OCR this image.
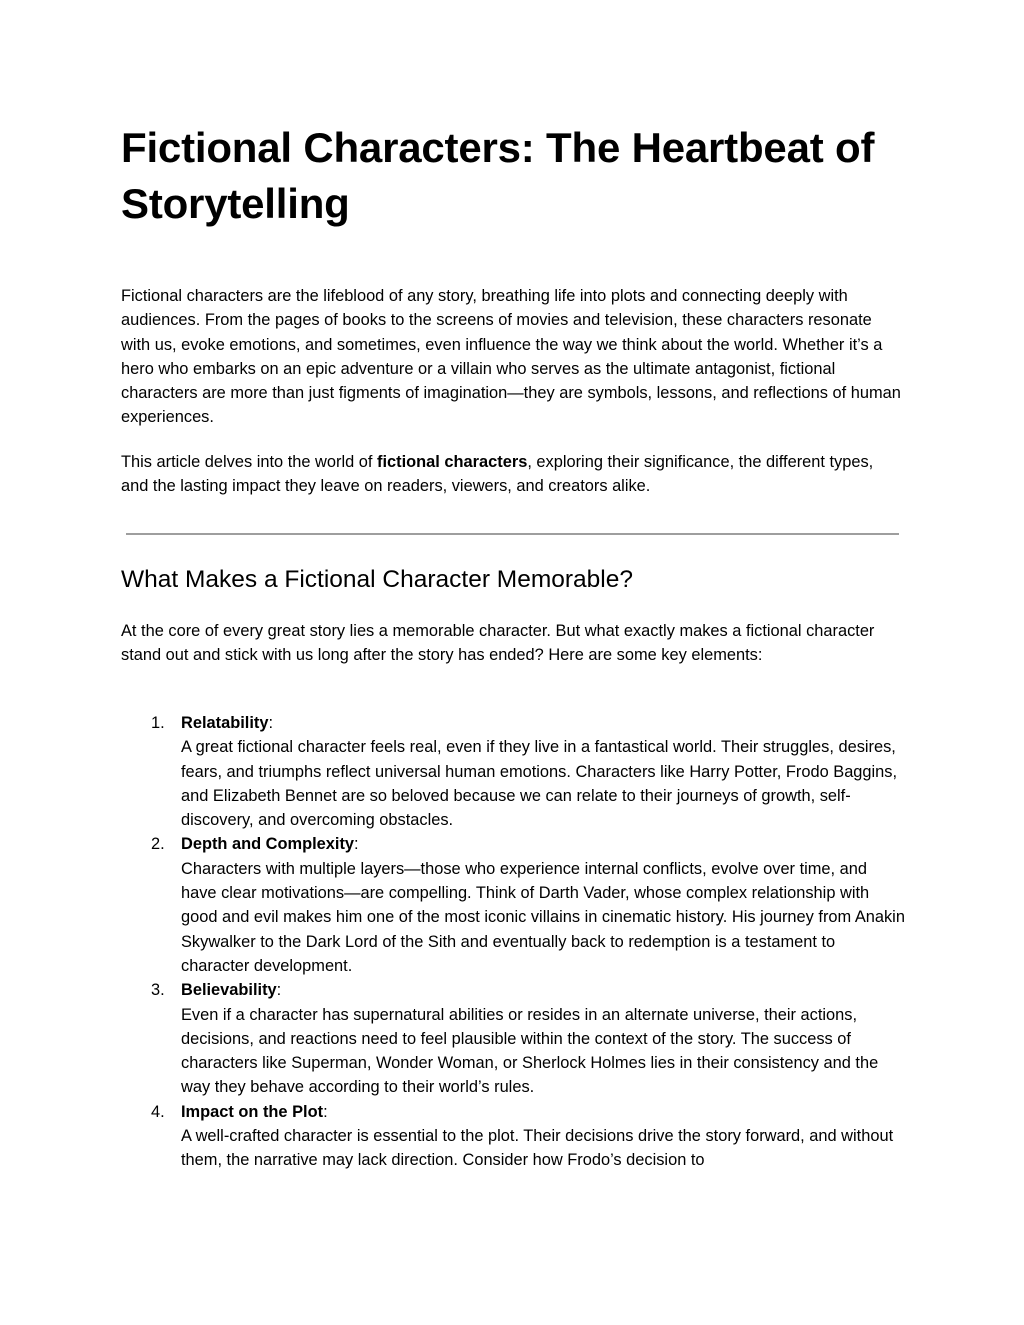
Fictional Characters: The Heartbeat of Storytelling

Fictional characters are the lifeblood of any story, breathing life into plots and connecting deeply with audiences. From the pages of books to the screens of movies and television, these characters resonate with us, evoke emotions, and sometimes, even influence the way we think about the world. Whether it’s a hero who embarks on an epic adventure or a villain who serves as the ultimate antagonist, fictional characters are more than just figments of imagination—they are symbols, lessons, and reflections of human experiences.

This article delves into the world of fictional characters, exploring their significance, the different types, and the lasting impact they leave on readers, viewers, and creators alike.

What Makes a Fictional Character Memorable?

At the core of every great story lies a memorable character. But what exactly makes a fictional character stand out and stick with us long after the story has ended? Here are some key elements:

1. Relatability:
A great fictional character feels real, even if they live in a fantastical world. Their struggles, desires, fears, and triumphs reflect universal human emotions. Characters like Harry Potter, Frodo Baggins, and Elizabeth Bennet are so beloved because we can relate to their journeys of growth, self-discovery, and overcoming obstacles.
2. Depth and Complexity:
Characters with multiple layers—those who experience internal conflicts, evolve over time, and have clear motivations—are compelling. Think of Darth Vader, whose complex relationship with good and evil makes him one of the most iconic villains in cinematic history. His journey from Anakin Skywalker to the Dark Lord of the Sith and eventually back to redemption is a testament to character development.
3. Believability:
Even if a character has supernatural abilities or resides in an alternate universe, their actions, decisions, and reactions need to feel plausible within the context of the story. The success of characters like Superman, Wonder Woman, or Sherlock Holmes lies in their consistency and the way they behave according to their world’s rules.
4. Impact on the Plot:
A well-crafted character is essential to the plot. Their decisions drive the story forward, and without them, the narrative may lack direction. Consider how Frodo’s decision to
